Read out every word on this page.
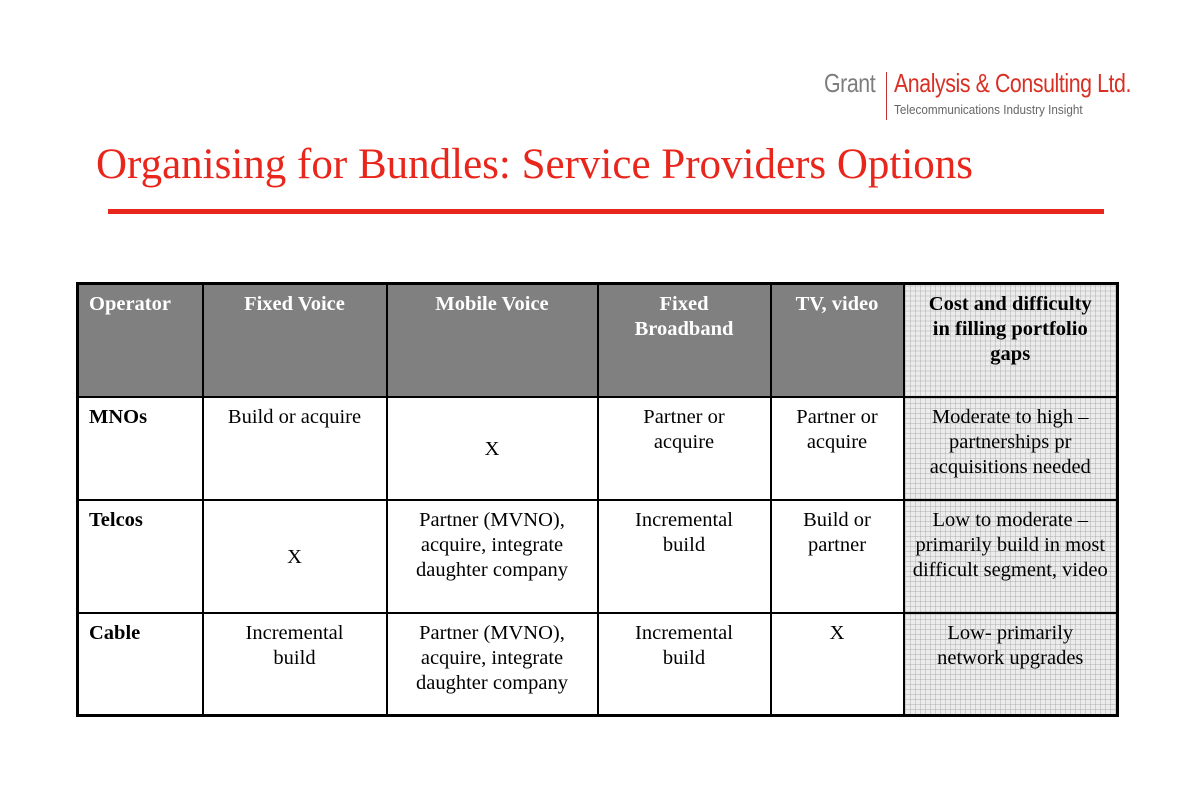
Grant Analysis & Consulting Ltd.
Telecommunications Industry Insight
Organising for Bundles: Service Providers Options
Operator	Fixed Voice	Mobile Voice	Fixed Broadband	TV, video	Cost and difficulty in filling portfolio gaps
MNOs	Build or acquire	X	Partner or acquire	Partner or acquire	Moderate to high – partnerships pr acquisitions needed
Telcos	X	Partner (MVNO), acquire, integrate daughter company	Incremental build	Build or partner	Low to moderate – primarily build in most difficult segment, video
Cable	Incremental build	Partner (MVNO), acquire, integrate daughter company	Incremental build	X	Low- primarily network upgrades
